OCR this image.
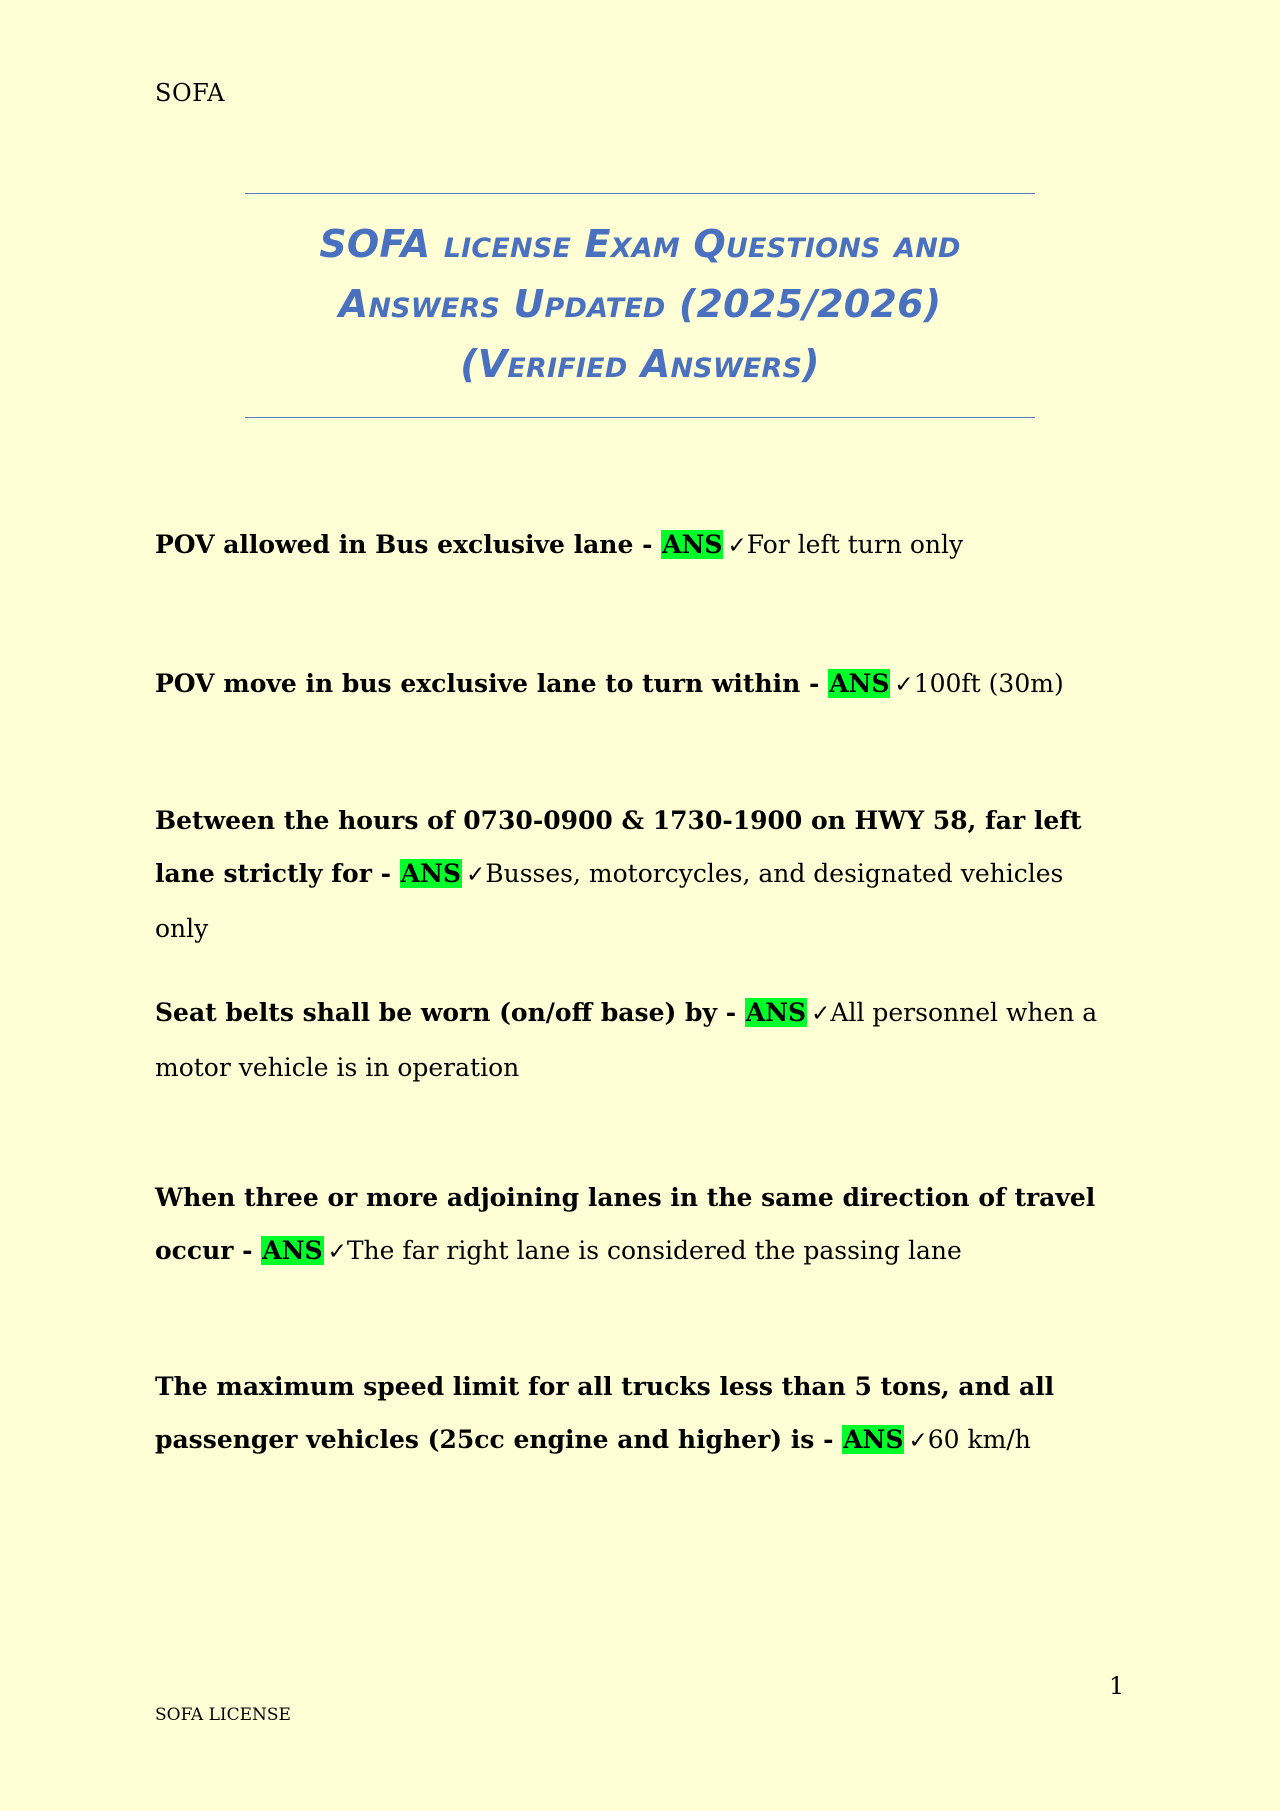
SOFA
SOFA license Exam Questions and
Answers Updated (2025/2026)
(Verified Answers)
POV allowed in Bus exclusive lane - ANS ✓For left turn only
POV move in bus exclusive lane to turn within - ANS ✓100ft (30m)
Between the hours of 0730-0900 & 1730-1900 on HWY 58, far left lane strictly for - ANS ✓Busses, motorcycles, and designated vehicles only
Seat belts shall be worn (on/off base) by - ANS ✓All personnel when a motor vehicle is in operation
When three or more adjoining lanes in the same direction of travel occur - ANS ✓The far right lane is considered the passing lane
The maximum speed limit for all trucks less than 5 tons, and all passenger vehicles (25cc engine and higher) is - ANS ✓60 km/h
1
SOFA LICENSE
